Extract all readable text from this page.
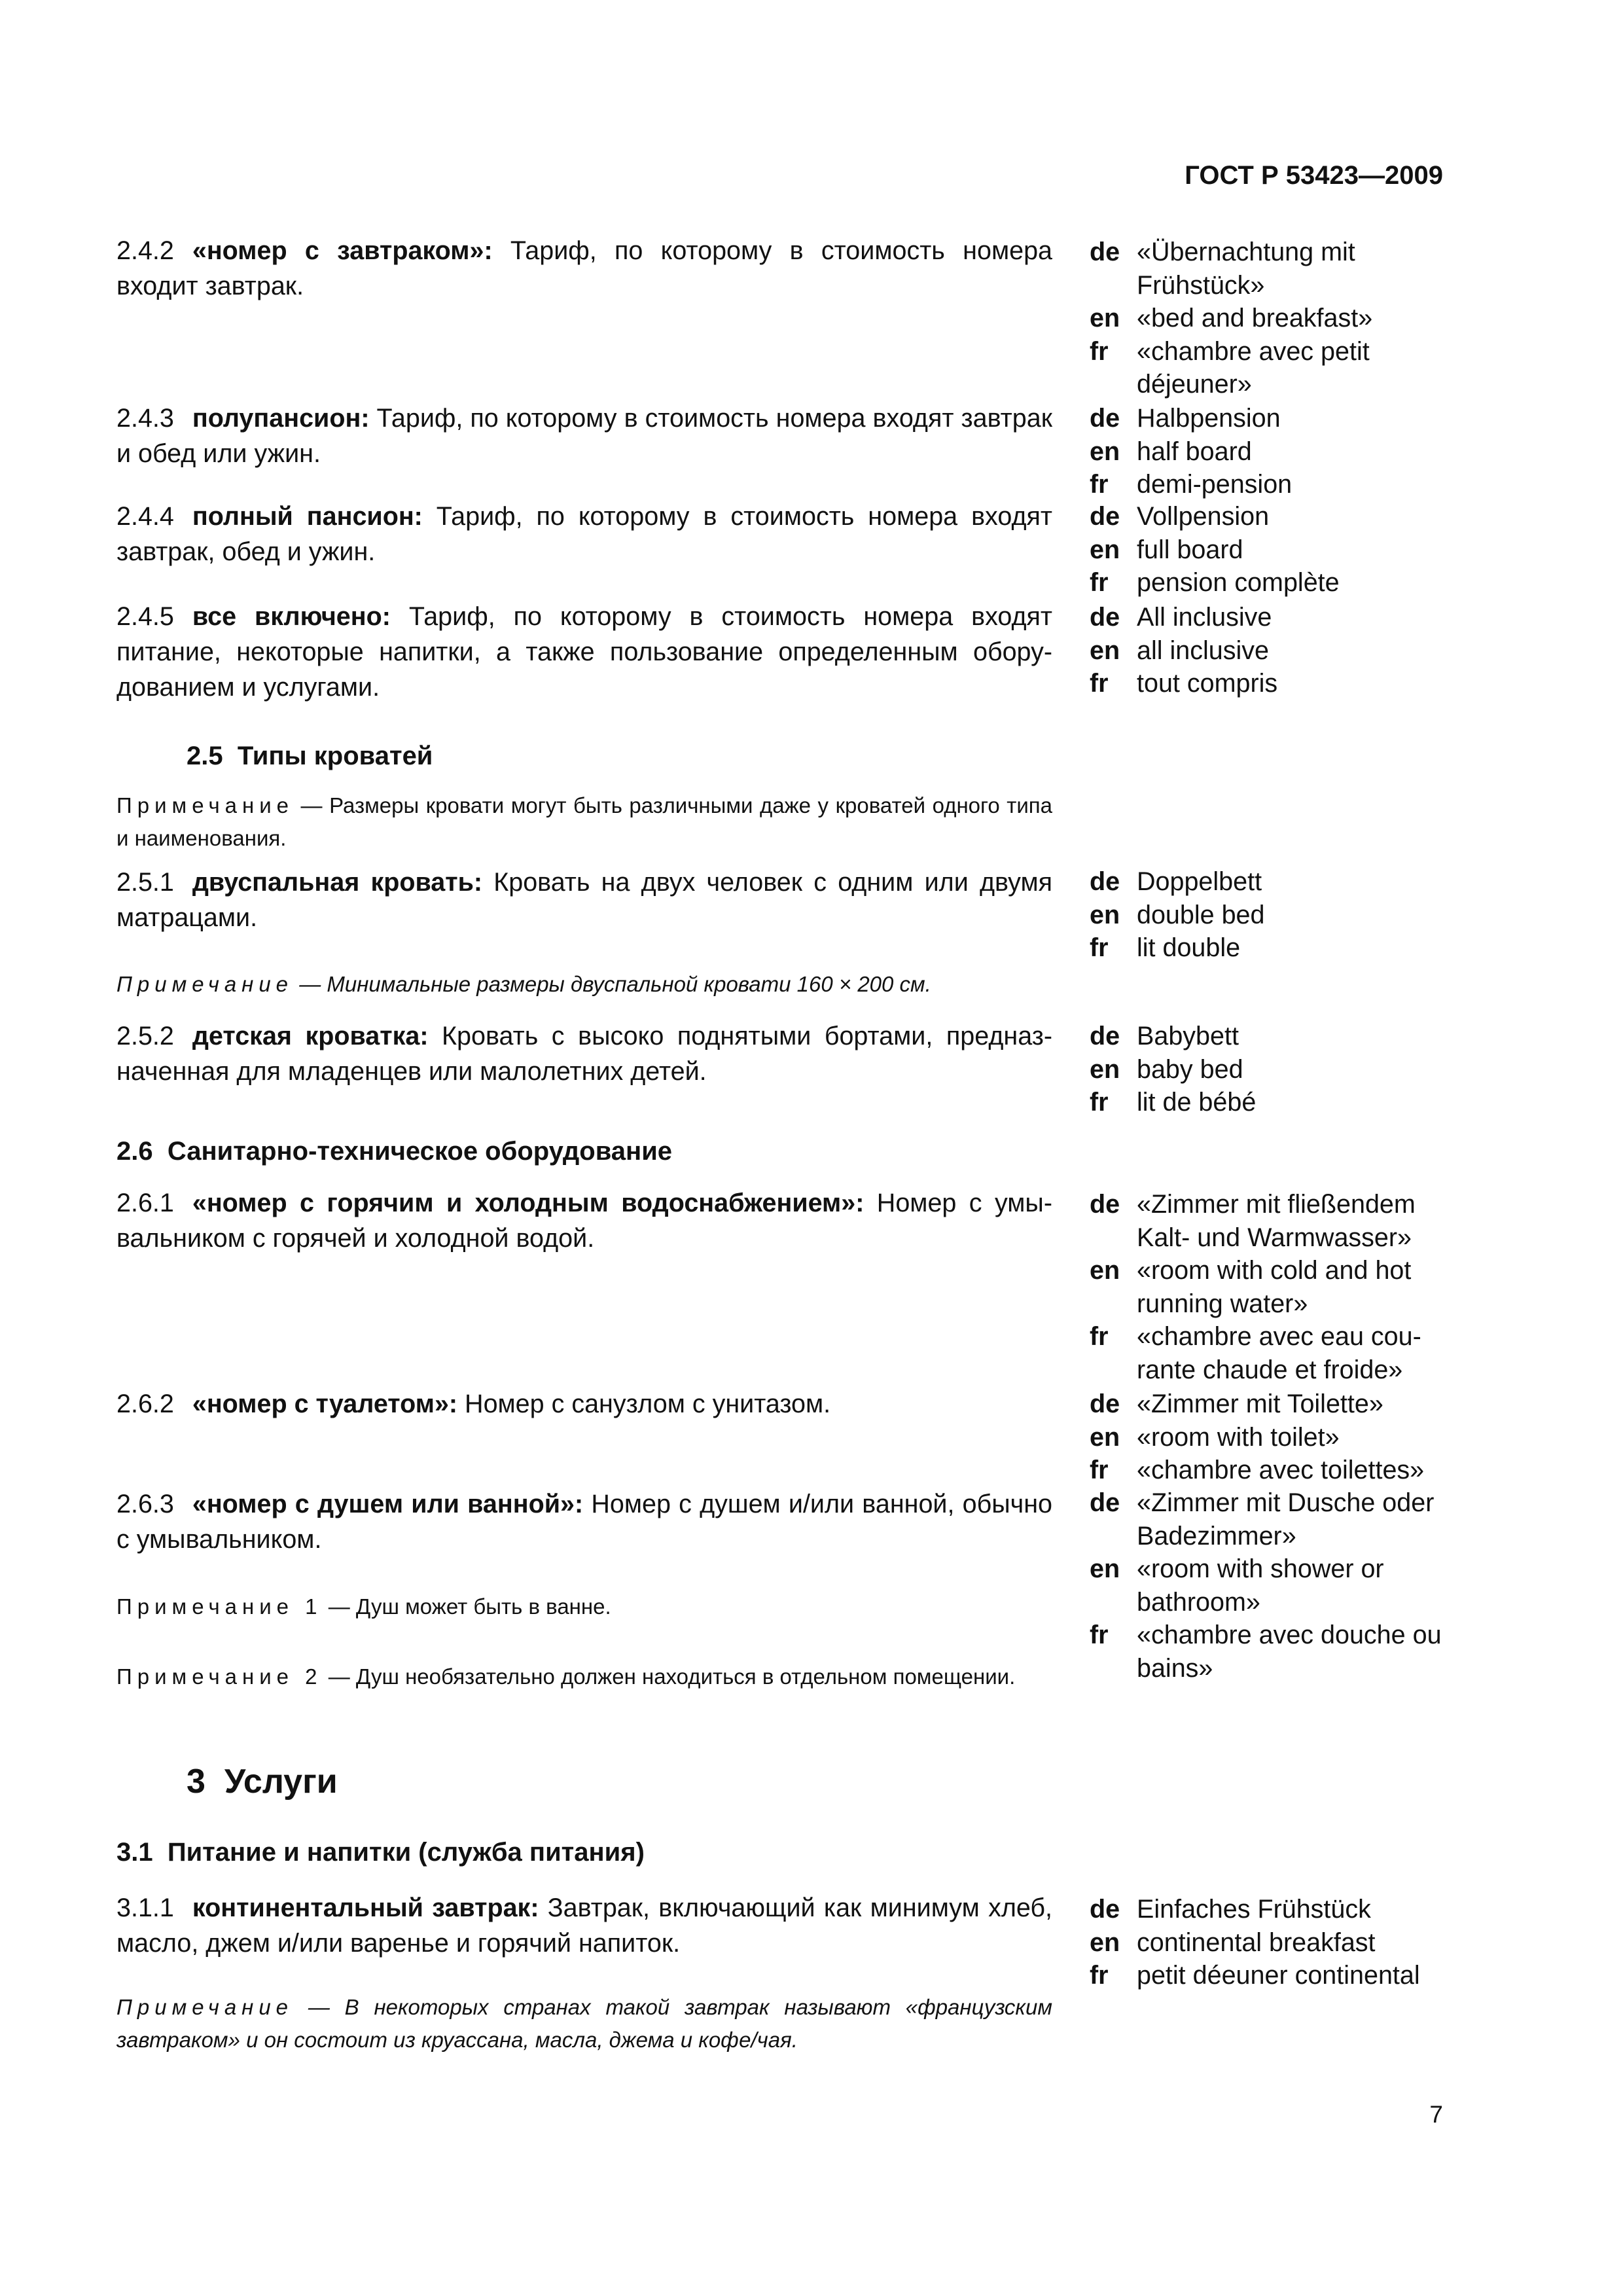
ГОСТ Р 53423—2009
2.4.2 «номер с завтраком»: Тариф, по которому в стоимость номера входит завтрак.
de «Übernachtung mit Frühstück»
en «bed and breakfast»
fr	«chambre avec petit déjeuner»
2.4.3 полупансион: Тариф, по которому в стоимость номера входят завтрак и обед или ужин.
de Halbpension
en half board
fr	demi-pension
2.4.4 полный пансион: Тариф, по которому в стоимость номера входят завтрак, обед и ужин.
de Vollpension
en full board
fr	pension complète
2.4.5 все включено: Тариф, по которому в стоимость номера входят питание, некоторые напитки, а также пользование определенным оборудованием и услугами.
de All inclusive
en all inclusive
fr	tout compris
2.5 Типы кроватей
Примечание — Размеры кровати могут быть различными даже у кроватей одного типа и наименования.
2.5.1 двуспальная кровать: Кровать на двух человек с одним или двумя матрацами.
de Doppelbett
en double bed
fr	lit double
Примечание — Минимальные размеры двуспальной кровати 160 × 200 см.
2.5.2 детская кроватка: Кровать с высоко поднятыми бортами, предназначенная для младенцев или малолетних детей.
de Babybett
en baby bed
fr	lit de bébé
2.6 Санитарно-техническое оборудование
2.6.1 «номер с горячим и холодным водоснабжением»: Номер с умывальником с горячей и холодной водой.
de «Zimmer mit fließendem Kalt- und Warmwasser»
en «room with cold and hot running water»
fr	«chambre avec eau courante chaude et froide»
2.6.2 «номер с туалетом»: Номер с санузлом с унитазом.	de «Zimmer mit Toilette»
en «room with toilet»
fr	«chambre avec toilettes»
2.6.3 «номер с душем или ванной»: Номер с душем и/или ванной, обычно с умывальником.
de «Zimmer mit Dusche oder Badezimmer»
en «room with shower or bathroom»
fr	«chambre avec douche ou bains»
Примечание 1 — Душ может быть в ванне.
Примечание 2 — Душ необязательно должен находиться в отдельном помещении.
3 Услуги
3.1 Питание и напитки (служба питания)
3.1.1 континентальный завтрак: Завтрак, включающий как минимум хлеб, масло, джем и/или варенье и горячий напиток.
de Einfaches Frühstück
en continental breakfast
fr	petit déeuner continental
Примечание — В некоторых странах такой завтрак называют «французским завтраком» и он состоит из круассана, масла, джема и кофе/чая.
7
